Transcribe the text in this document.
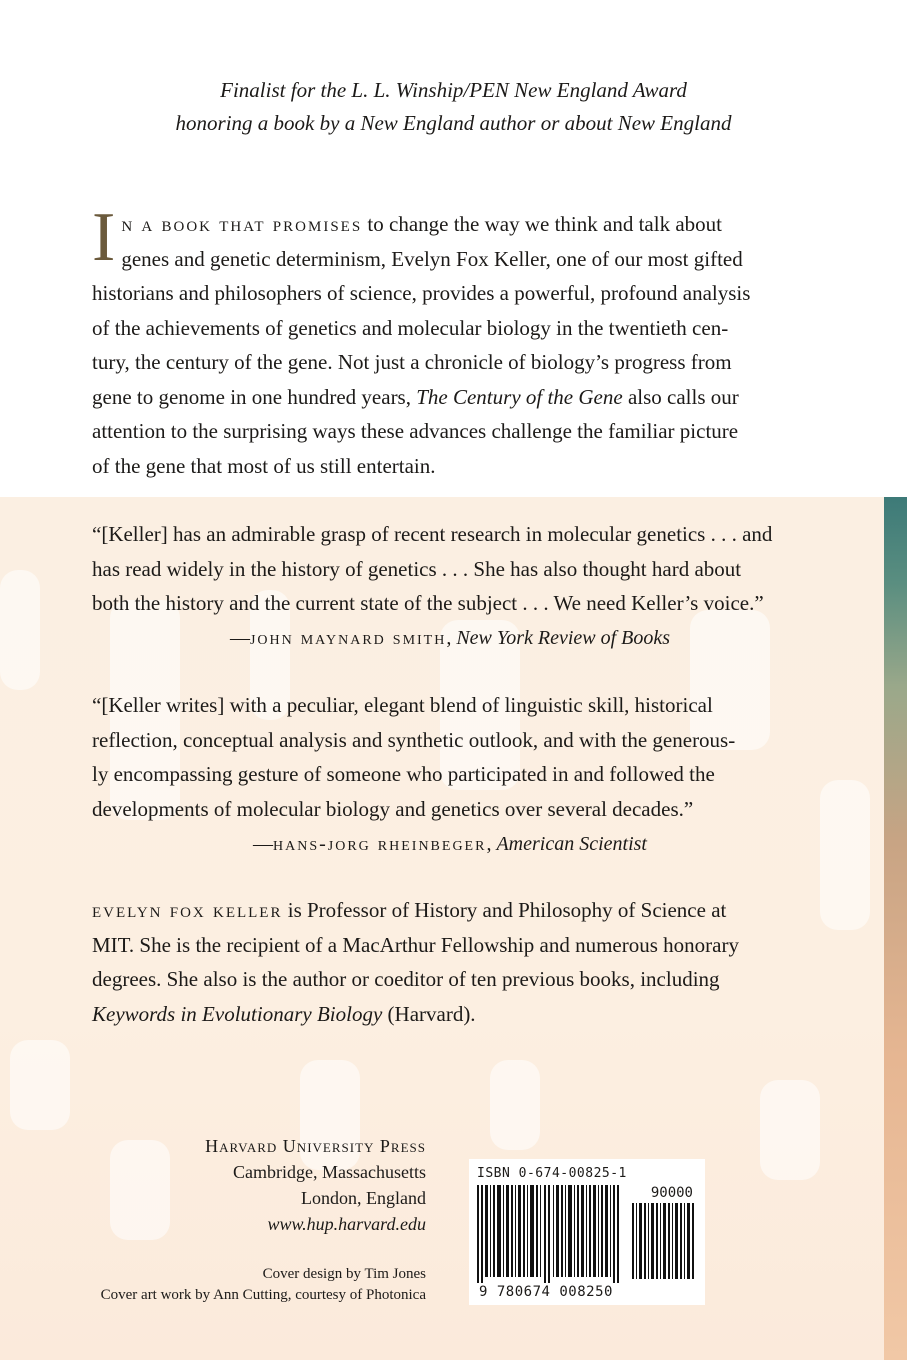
Finalist for the L. L. Winship/PEN New England Award
honoring a book by a New England author or about New England
I n a book that promises to change the way we think and talk about
genes and genetic determinism, Evelyn Fox Keller, one of our most gifted
historians and philosophers of science, provides a powerful, profound analysis
of the achievements of genetics and molecular biology in the twentieth cen-
tury, the century of the gene. Not just a chronicle of biology’s progress from
gene to genome in one hundred years, The Century of the Gene also calls our
attention to the surprising ways these advances challenge the familiar picture
of the gene that most of us still entertain.
“[Keller] has an admirable grasp of recent research in molecular genetics . . . and
has read widely in the history of genetics . . . She has also thought hard about
both the history and the current state of the subject . . . We need Keller’s voice.”
—john maynard smith, New York Review of Books
“[Keller writes] with a peculiar, elegant blend of linguistic skill, historical
reflection, conceptual analysis and synthetic outlook, and with the generous-
ly encompassing gesture of someone who participated in and followed the
developments of molecular biology and genetics over several decades.”
—hans-jorg rheinbeger, American Scientist
evelyn fox keller is Professor of History and Philosophy of Science at
MIT. She is the recipient of a MacArthur Fellowship and numerous honorary
degrees. She also is the author or coeditor of ten previous books, including
Keywords in Evolutionary Biology (Harvard).
Harvard University Press
Cambridge, Massachusetts
London, England
www.hup.harvard.edu
Cover design by Tim Jones
Cover art work by Ann Cutting, courtesy of Photonica
ISBN 0-674-00825-1
90000
9 780674 008250
